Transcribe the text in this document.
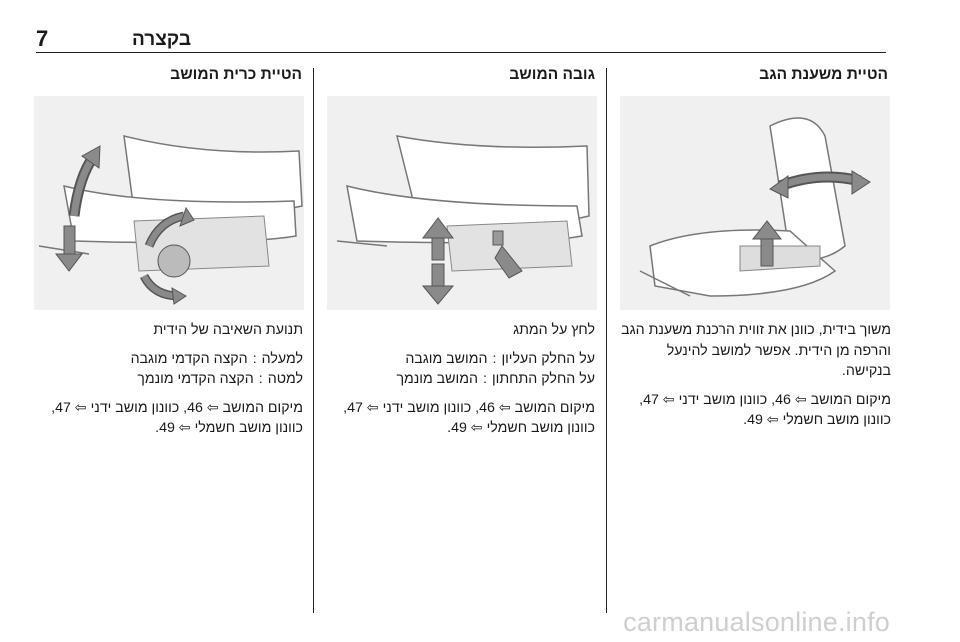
7	בקצרה
הטיית משענת הגב

משוך בידית, כוונן את זווית הרכנת משענת הגב והרפה מן הידית. אפשר למושב להינעל בנקישה.

מיקום המושב ⇦ 46, כוונון מושב ידני ⇦ 47, כוונון מושב חשמלי ⇦ 49.

גובה המושב

לחץ על המתג

על החלק העליון
:
המושב מוגבה
על החלק התחתון
:
המושב מונמך

מיקום המושב ⇦ 46, כוונון מושב ידני ⇦ 47, כוונון מושב חשמלי ⇦ 49.

הטיית כרית המושב

תנועת השאיבה של הידית

למעלה
:
הקצה הקדמי מוגבה
למטה
:
הקצה הקדמי מונמך

מיקום המושב ⇦ 46, כוונון מושב ידני ⇦ 47, כוונון מושב חשמלי ⇦ 49.

carmanualsonline.info
